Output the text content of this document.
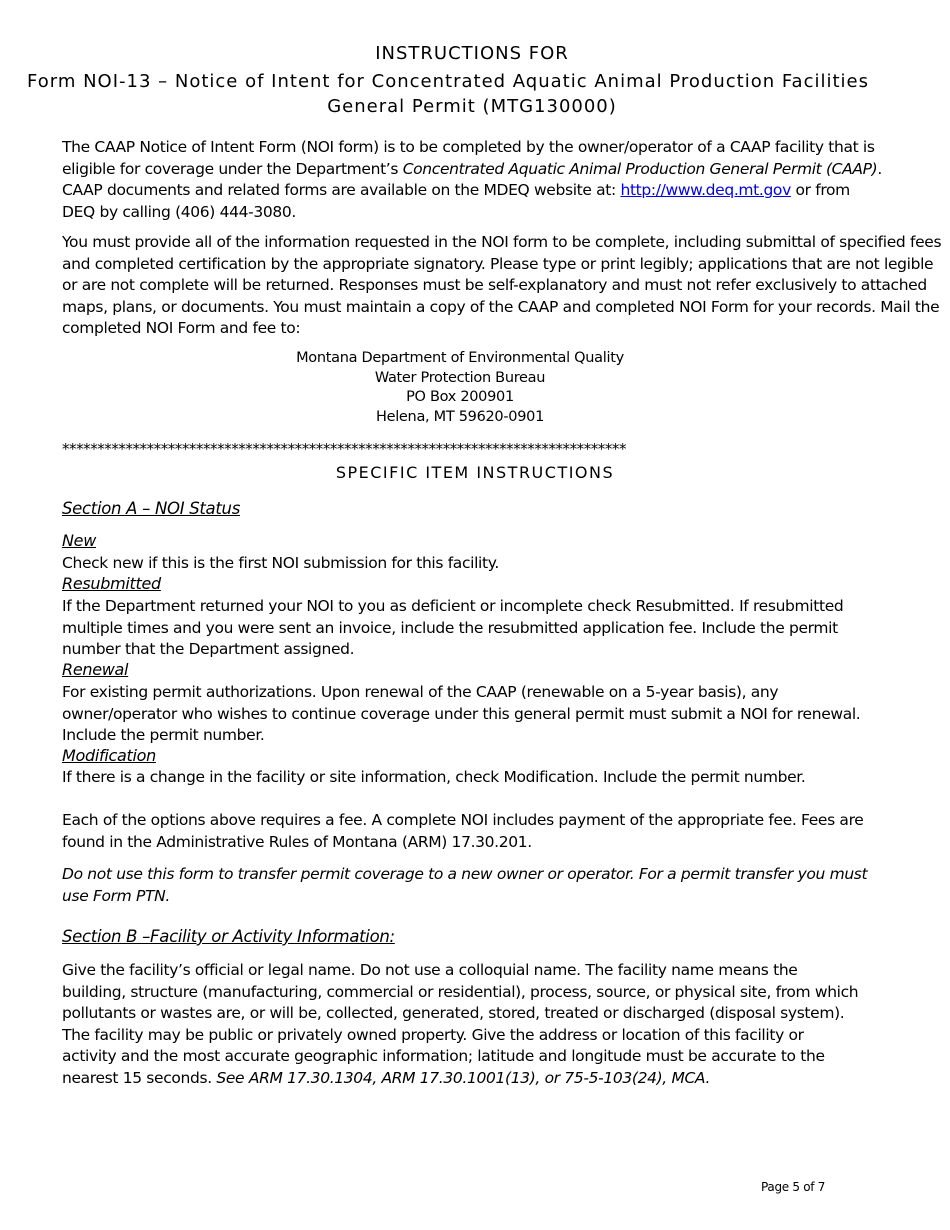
INSTRUCTIONS FOR
Form NOI-13 – Notice of Intent for Concentrated Aquatic Animal Production Facilities
General Permit (MTG130000)
The CAAP Notice of Intent Form (NOI form) is to be completed by the owner/operator of a CAAP facility that is eligible for coverage under the Department’s Concentrated Aquatic Animal Production General Permit (CAAP). CAAP documents and related forms are available on the MDEQ website at: http://www.deq.mt.gov or from DEQ by calling (406) 444-3080.
You must provide all of the information requested in the NOI form to be complete, including submittal of specified fees and completed certification by the appropriate signatory. Please type or print legibly; applications that are not legible or are not complete will be returned. Responses must be self-explanatory and must not refer exclusively to attached maps, plans, or documents. You must maintain a copy of the CAAP and completed NOI Form for your records. Mail the completed NOI Form and fee to:
Montana Department of Environmental Quality
Water Protection Bureau
PO Box 200901
Helena, MT 59620-0901
********************************************************************************
SPECIFIC ITEM INSTRUCTIONS
Section A – NOI Status
New
Check new if this is the first NOI submission for this facility.
Resubmitted
If the Department returned your NOI to you as deficient or incomplete check Resubmitted. If resubmitted multiple times and you were sent an invoice, include the resubmitted application fee. Include the permit number that the Department assigned.
Renewal
For existing permit authorizations. Upon renewal of the CAAP (renewable on a 5-year basis), any owner/operator who wishes to continue coverage under this general permit must submit a NOI for renewal. Include the permit number.
Modification
If there is a change in the facility or site information, check Modification. Include the permit number.
Each of the options above requires a fee. A complete NOI includes payment of the appropriate fee. Fees are found in the Administrative Rules of Montana (ARM) 17.30.201.
Do not use this form to transfer permit coverage to a new owner or operator. For a permit transfer you must use Form PTN.
Section B –Facility or Activity Information:
Give the facility’s official or legal name. Do not use a colloquial name. The facility name means the building, structure (manufacturing, commercial or residential), process, source, or physical site, from which pollutants or wastes are, or will be, collected, generated, stored, treated or discharged (disposal system). The facility may be public or privately owned property. Give the address or location of this facility or activity and the most accurate geographic information; latitude and longitude must be accurate to the nearest 15 seconds. See ARM 17.30.1304, ARM 17.30.1001(13), or 75-5-103(24), MCA.
Page 5 of 7
